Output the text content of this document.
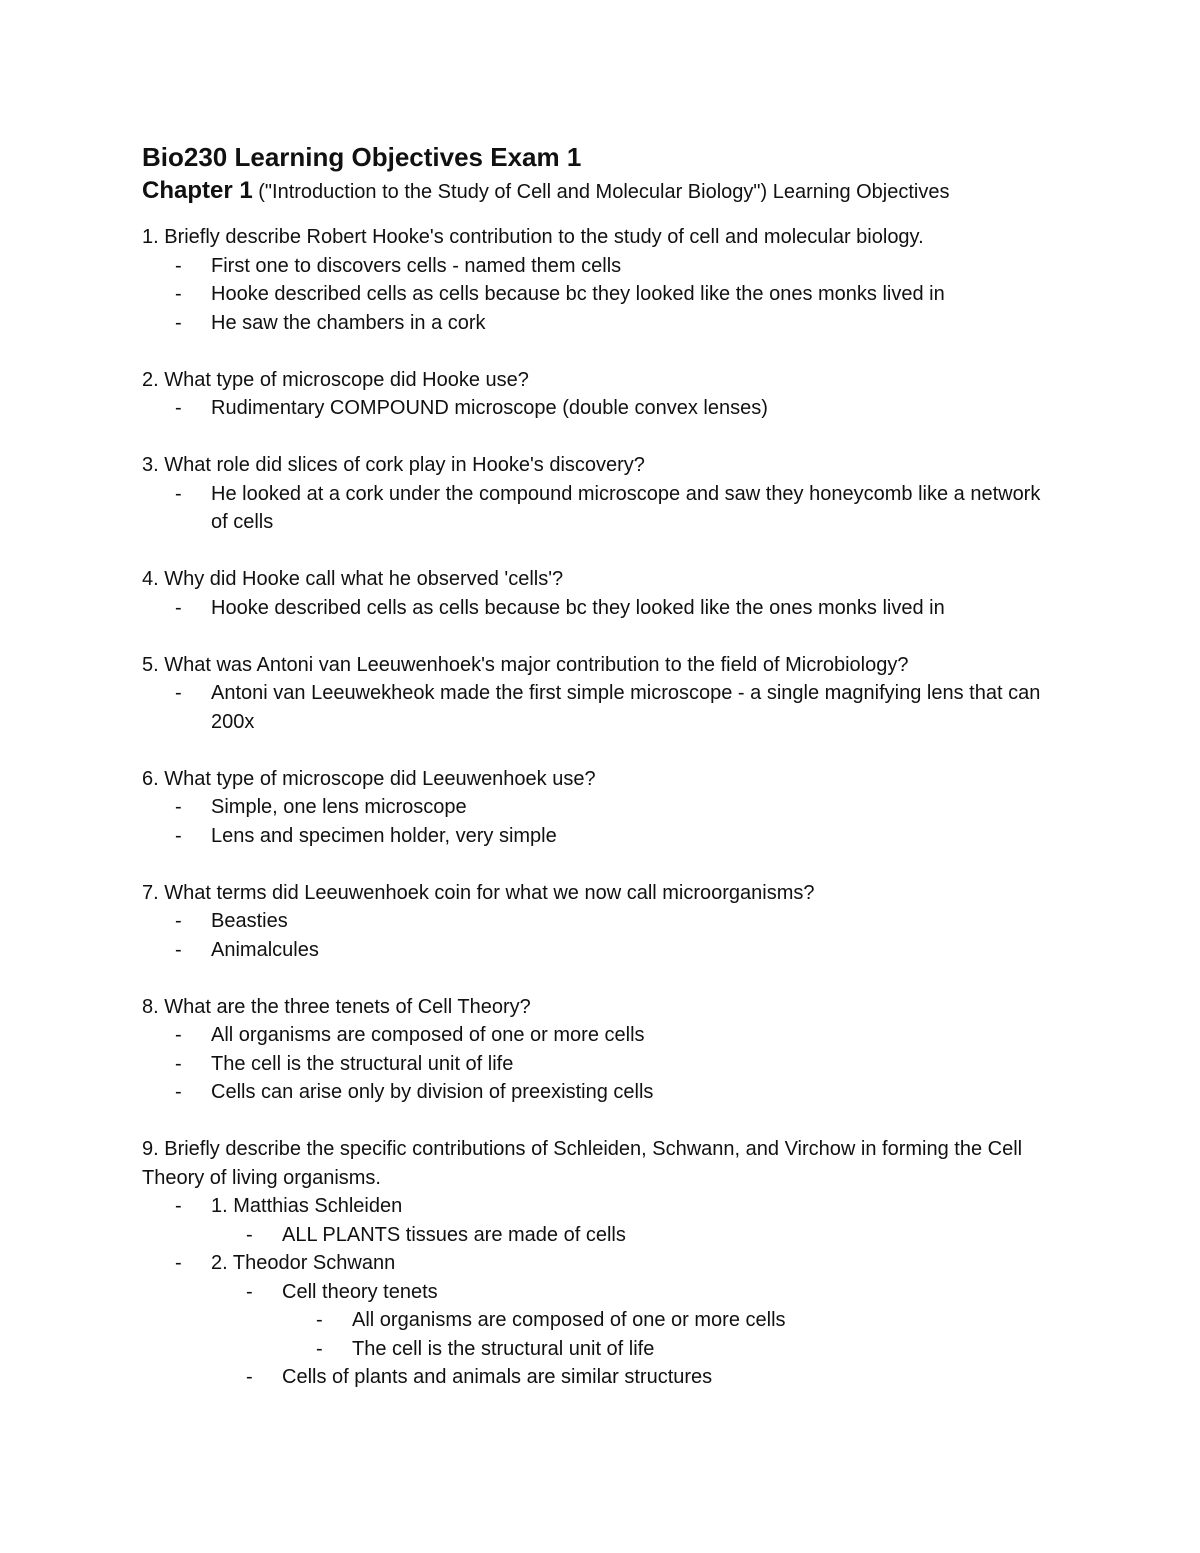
Bio230 Learning Objectives Exam 1

Chapter 1 ("Introduction to the Study of Cell and Molecular Biology") Learning Objectives

1. Briefly describe Robert Hooke's contribution to the study of cell and molecular biology.

- First one to discovers cells - named them cells
- Hooke described cells as cells because bc they looked like the ones monks lived in
- He saw the chambers in a cork

2. What type of microscope did Hooke use?

- Rudimentary COMPOUND microscope (double convex lenses)

3. What role did slices of cork play in Hooke's discovery?

- He looked at a cork under the compound microscope and saw they honeycomb like a network of cells

4. Why did Hooke call what he observed 'cells'?

- Hooke described cells as cells because bc they looked like the ones monks lived in

5. What was Antoni van Leeuwenhoek's major contribution to the field of Microbiology?

- Antoni van Leeuwekheok made the first simple microscope - a single magnifying lens that can 200x

6. What type of microscope did Leeuwenhoek use?

- Simple, one lens microscope
- Lens and specimen holder, very simple

7. What terms did Leeuwenhoek coin for what we now call microorganisms?

- Beasties
- Animalcules

8. What are the three tenets of Cell Theory?

- All organisms are composed of one or more cells
- The cell is the structural unit of life
- Cells can arise only by division of preexisting cells

9. Briefly describe the specific contributions of Schleiden, Schwann, and Virchow in forming the Cell Theory of living organisms.

- 1. Matthias Schleiden
- ALL PLANTS tissues are made of cells
- 2. Theodor Schwann
- Cell theory tenets
- All organisms are composed of one or more cells
- The cell is the structural unit of life
- Cells of plants and animals are similar structures
